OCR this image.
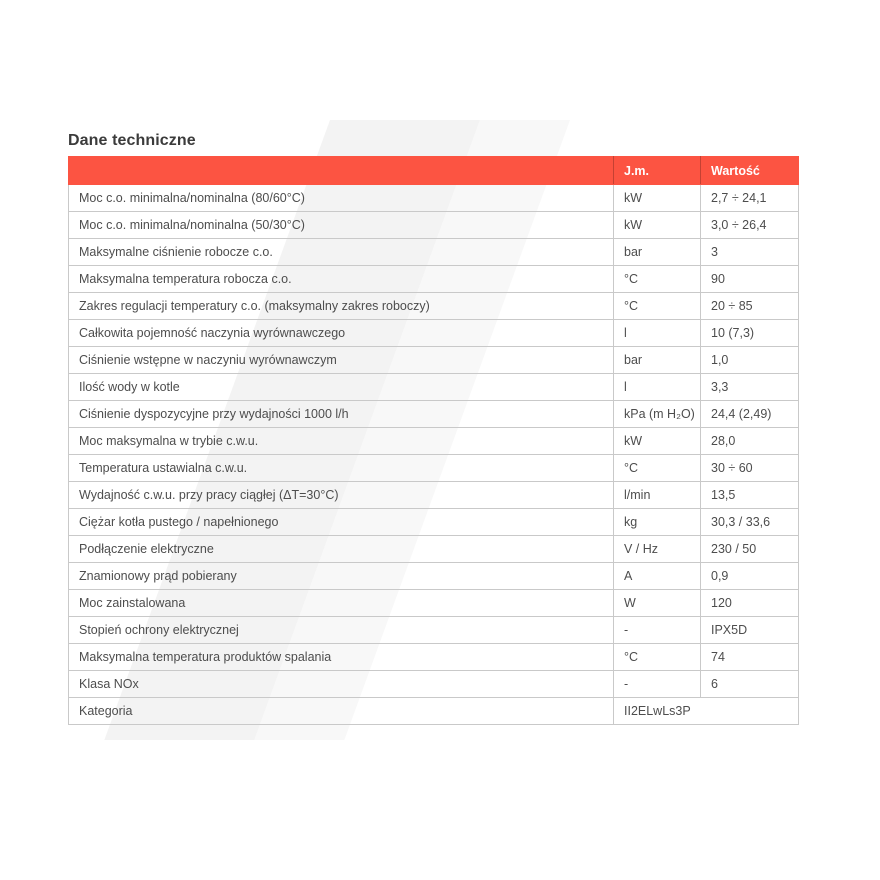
Dane techniczne
	J.m.	Wartość
Moc c.o. minimalna/nominalna (80/60°C)	kW	2,7 ÷ 24,1
Moc c.o. minimalna/nominalna (50/30°C)	kW	3,0 ÷ 26,4
Maksymalne ciśnienie robocze c.o.	bar	3
Maksymalna temperatura robocza c.o.	°C	90
Zakres regulacji temperatury c.o. (maksymalny zakres roboczy)	°C	20 ÷ 85
Całkowita pojemność naczynia wyrównawczego	l	10 (7,3)
Ciśnienie wstępne w naczyniu wyrównawczym	bar	1,0
Ilość wody w kotle	l	3,3
Ciśnienie dyspozycyjne przy wydajności 1000 l/h	kPa (m H₂O)	24,4 (2,49)
Moc maksymalna w trybie c.w.u.	kW	28,0
Temperatura ustawialna c.w.u.	°C	30 ÷ 60
Wydajność c.w.u. przy pracy ciągłej (ΔT=30°C)	l/min	13,5
Ciężar kotła pustego / napełnionego	kg	30,3 / 33,6
Podłączenie elektryczne	V / Hz	230 / 50
Znamionowy prąd pobierany	A	0,9
Moc zainstalowana	W	120
Stopień ochrony elektrycznej	-	IPX5D
Maksymalna temperatura produktów spalania	°C	74
Klasa NOx	-	6
Kategoria	II2ELwLs3P	
